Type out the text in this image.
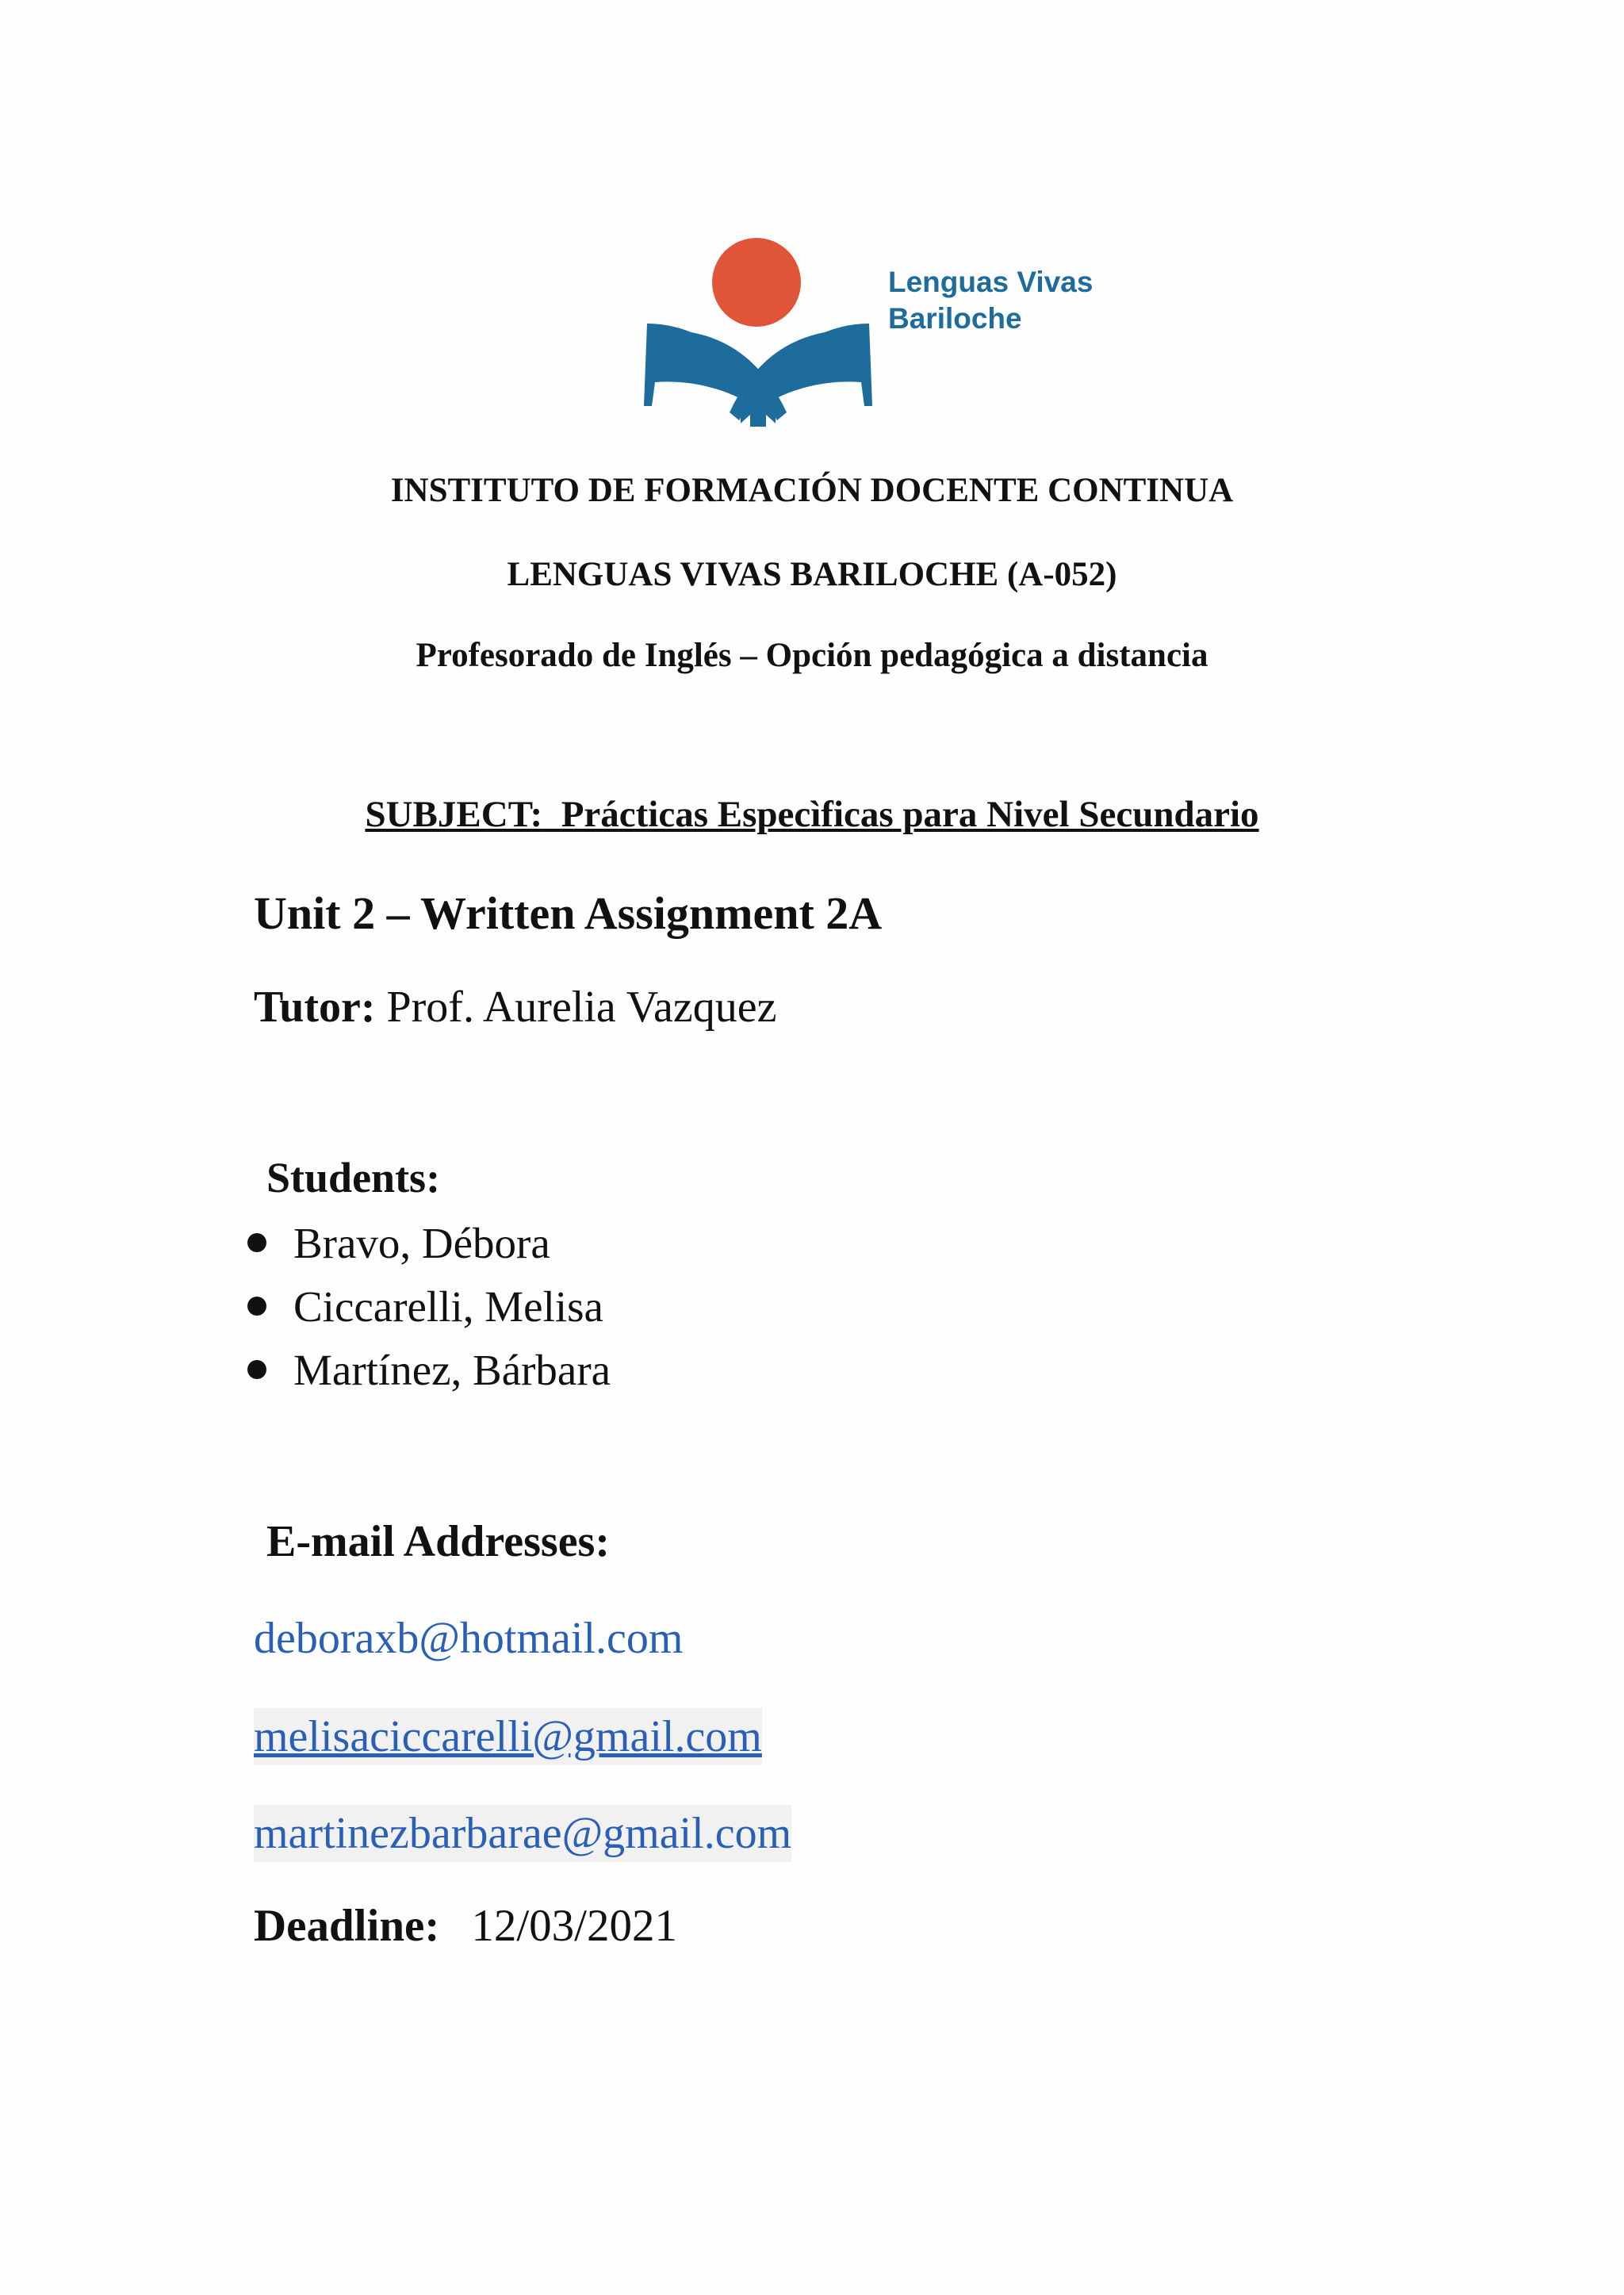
Lenguas Vivas
Bariloche

INSTITUTO DE FORMACIÓN DOCENTE CONTINUA

LENGUAS VIVAS BARILOCHE (A-052)

Profesorado de Inglés – Opción pedagógica a distancia

SUBJECT: Prácticas Especìficas para Nivel Secundario

Unit 2 – Written Assignment 2A

Tutor: Prof. Aurelia Vazquez

Students:

Bravo, Débora

Ciccarelli, Melisa

Martínez, Bárbara

E-mail Addresses:

deboraxb@hotmail.com

melisaciccarelli@gmail.com

martinezbarbarae@gmail.com

Deadline: 12/03/2021
